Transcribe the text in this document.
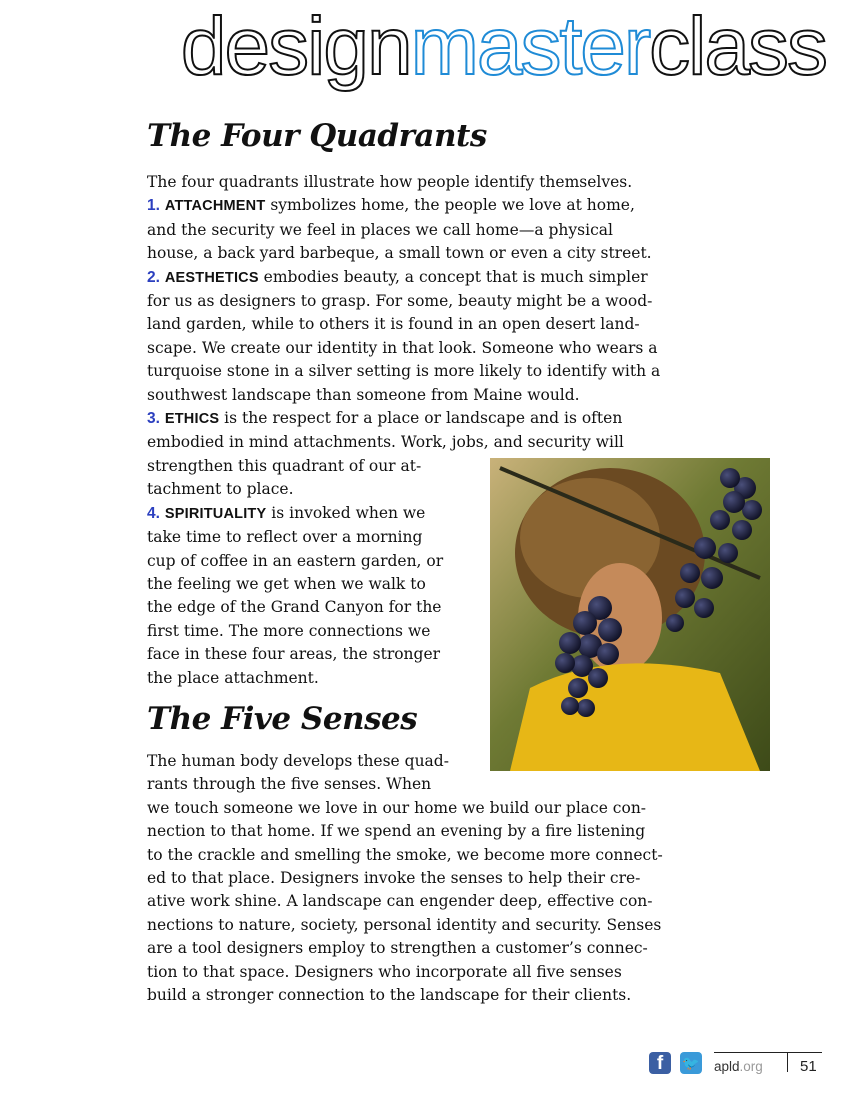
designmasterclass
The Four Quadrants
The four quadrants illustrate how people identify themselves.
1. ATTACHMENT symbolizes home, the people we love at home,
and the security we feel in places we call home—a physical
house, a back yard barbeque, a small town or even a city street.
2. AESTHETICS embodies beauty, a concept that is much simpler
for us as designers to grasp. For some, beauty might be a wood-
land garden, while to others it is found in an open desert land-
scape. We create our identity in that look. Someone who wears a
turquoise stone in a silver setting is more likely to identify with a
southwest landscape than someone from Maine would.
3. ETHICS is the respect for a place or landscape and is often
embodied in mind attachments. Work, jobs, and security will
strengthen this quadrant of our at-
tachment to place.
4. SPIRITUALITY is invoked when we
take time to reflect over a morning
cup of coffee in an eastern garden, or
the feeling we get when we walk to
the edge of the Grand Canyon for the
first time. The more connections we
face in these four areas, the stronger
the place attachment.
The Five Senses
The human body develops these quad-
rants through the five senses. When
we touch someone we love in our home we build our place con-
nection to that home. If we spend an evening by a fire listening
to the crackle and smelling the smoke, we become more connect-
ed to that place. Designers invoke the senses to help their cre-
ative work shine. A landscape can engender deep, effective con-
nections to nature, society, personal identity and security. Senses
are a tool designers employ to strengthen a customer’s connec-
tion to that space. Designers who incorporate all five senses
build a stronger connection to the landscape for their clients.
f	🐦 apld.org 51
